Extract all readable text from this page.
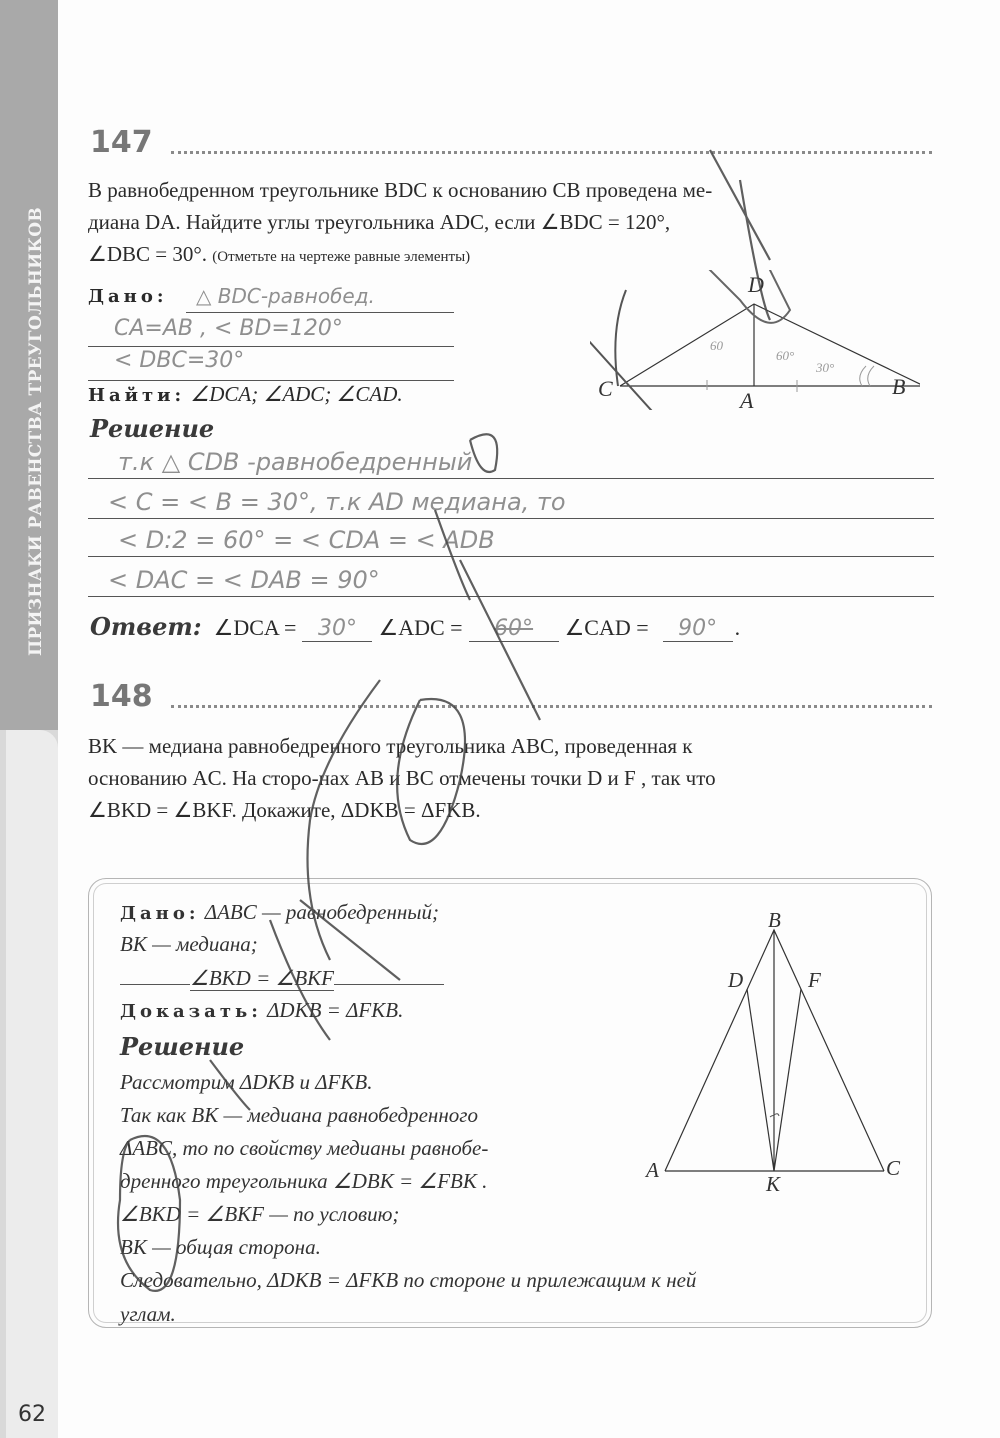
ПРИЗНАКИ РАВЕНСТВА ТРЕУГОЛЬНИКОВ
62
147
В равнобедренном треугольнике BDC к основанию CB проведена ме-
диана DA. Найдите углы треугольника ADC, если ∠BDC = 120°,
∠DBC = 30°. (Отметьте на чертеже равные элементы)
Дано: △ BDC-равнобед.
CA=AB , < BD=120°
< DBC=30°
Найти: ∠DCA; ∠ADC; ∠CAD.
Решение
D
C	A
B
60
60°
30°
т.к △ CDB -равнобедренный
< C = < B = 30°, т.к AD медиана, то
< D:2 = 60° = < CDA = < ADB
< DAC = < DAB = 90°
Ответ: ∠DCA = 30° ∠ADC =	60°	∠CAD =	90° .
148
BK — медиана равнобедренного треугольника ABC, проведенная к
основанию AC. На сторо-нах AB и BC отмечены точки D и F , так что
∠BKD = ∠BKF. Докажите, ΔDKB = ΔFKB.
Дано: ΔABC — равнобедренный;
BK — медиана;
∠BKD = ∠BKF
Доказать: ΔDKB = ΔFKB.
Решение
Рассмотрим ΔDKB и ΔFKB.
Так как BK — медиана равнобедренного
ΔABC, то по свойству медианы равнобе-
дренного треугольника ∠DBK = ∠FBK .
∠BKD = ∠BKF — по условию;
BK — общая сторона.
Следовательно, ΔDKB = ΔFKB по стороне и прилежащим к ней
углам.
B
D	F
A
K
C
